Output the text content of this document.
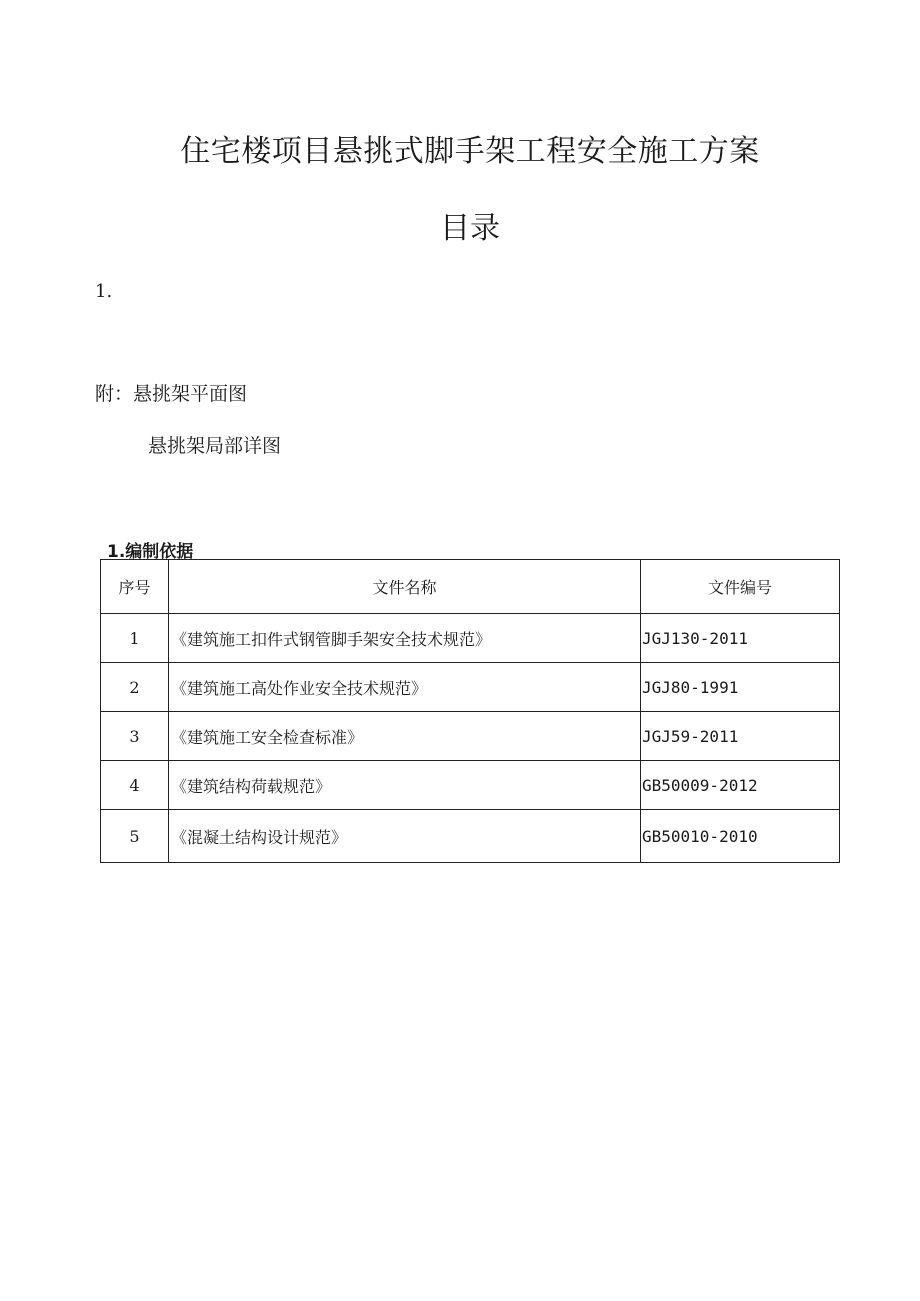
住宅楼项目悬挑式脚手架工程安全施工方案
目录
1.
附：悬挑架平面图
悬挑架局部详图
1.编制依据
序号	文件名称	文件编号
1	《建筑施工扣件式钢管脚手架安全技术规范》	JGJ130-2011
2	《建筑施工高处作业安全技术规范》	JGJ80-1991
3	《建筑施工安全检查标准》	JGJ59-2011
4	《建筑结构荷载规范》	GB50009-2012
5	《混凝土结构设计规范》	GB50010-2010
